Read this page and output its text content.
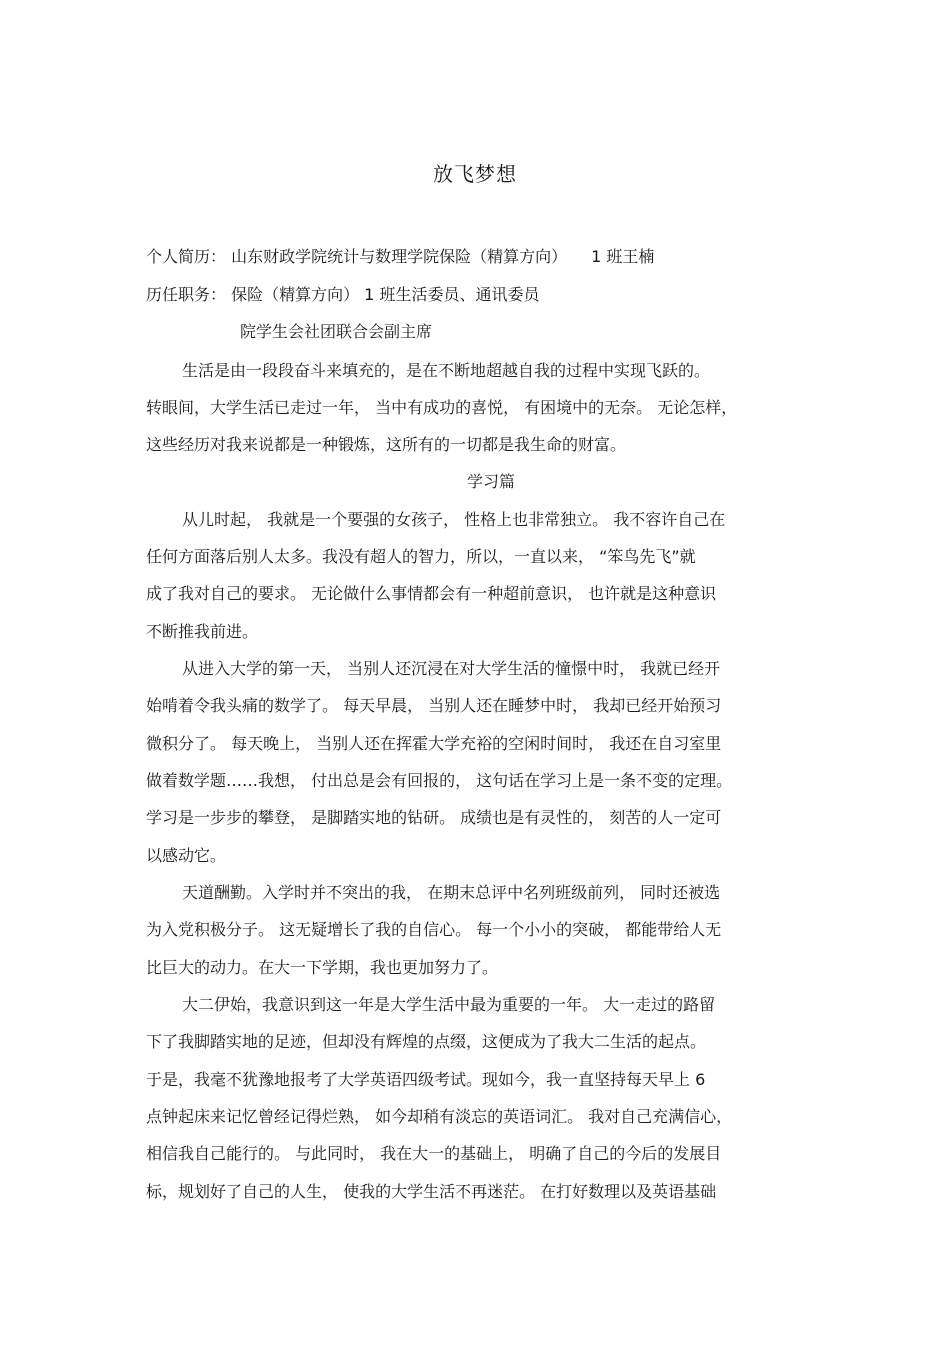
放飞梦想
个人简历： 山东财政学院统计与数理学院保险（精算方向）　　1 班王楠
历任职务： 保险（精算方向） 1 班生活委员、通讯委员
院学生会社团联合会副主席
生活是由一段段奋斗来填充的，是在不断地超越自我的过程中实现飞跃的。
转眼间，大学生活已走过一年， 当中有成功的喜悦， 有困境中的无奈。 无论怎样，
这些经历对我来说都是一种锻炼，这所有的一切都是我生命的财富。
学习篇
从儿时起， 我就是一个要强的女孩子， 性格上也非常独立。 我不容许自己在
任何方面落后别人太多。我没有超人的智力，所以，一直以来， “笨鸟先飞”就
成了我对自己的要求。 无论做什么事情都会有一种超前意识， 也许就是这种意识
不断推我前进。
从进入大学的第一天， 当别人还沉浸在对大学生活的憧憬中时， 我就已经开
始啃着令我头痛的数学了。 每天早晨， 当别人还在睡梦中时， 我却已经开始预习
微积分了。 每天晚上， 当别人还在挥霍大学充裕的空闲时间时， 我还在自习室里
做着数学题……我想， 付出总是会有回报的， 这句话在学习上是一条不变的定理。
学习是一步步的攀登， 是脚踏实地的钻研。 成绩也是有灵性的， 刻苦的人一定可
以感动它。
天道酬勤。入学时并不突出的我， 在期末总评中名列班级前列， 同时还被选
为入党积极分子。 这无疑增长了我的自信心。 每一个小小的突破， 都能带给人无
比巨大的动力。在大一下学期，我也更加努力了。
大二伊始，我意识到这一年是大学生活中最为重要的一年。 大一走过的路留
下了我脚踏实地的足迹，但却没有辉煌的点缀，这便成为了我大二生活的起点。
于是，我毫不犹豫地报考了大学英语四级考试。现如今，我一直坚持每天早上 6
点钟起床来记忆曾经记得烂熟， 如今却稍有淡忘的英语词汇。 我对自己充满信心，
相信我自己能行的。 与此同时， 我在大一的基础上， 明确了自己的今后的发展目
标，规划好了自己的人生， 使我的大学生活不再迷茫。 在打好数理以及英语基础
